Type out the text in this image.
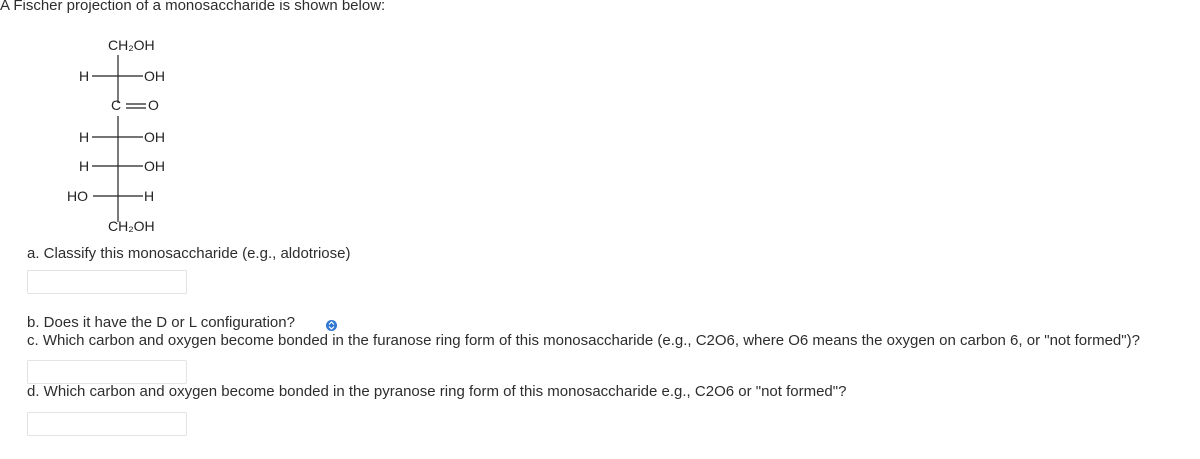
A Fischer projection of a monosaccharide is shown below:
CH₂OH
H	OH
C O
H	OH
H	OH
HO	H
CH₂OH
a. Classify this monosaccharide (e.g., aldotriose)
b. Does it have the D or L configuration?
c. Which carbon and oxygen become bonded in the furanose ring form of this monosaccharide (e.g., C2O6, where O6 means the oxygen on carbon 6, or "not formed")?
d. Which carbon and oxygen become bonded in the pyranose ring form of this monosaccharide e.g., C2O6 or "not formed"?
